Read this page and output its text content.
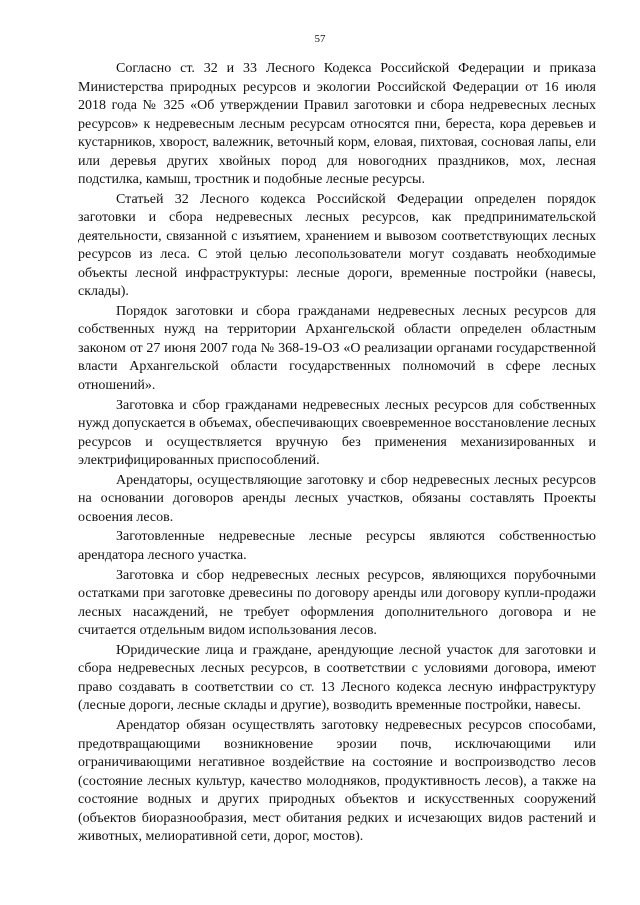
57

Согласно ст. 32 и 33 Лесного Кодекса Российской Федерации и приказа Министерства природных ресурсов и экологии Российской Федерации от 16 июля 2018 года № 325 «Об утверждении Правил заготовки и сбора недревесных лесных ресурсов» к недревесным лесным ресурсам относятся пни, береста, кора деревьев и кустарников, хворост, валежник, веточный корм, еловая, пихтовая, сосновая лапы, ели или деревья других хвойных пород для новогодних праздников, мох, лесная подстилка, камыш, тростник и подобные лесные ресурсы.

Статьей 32 Лесного кодекса Российской Федерации определен порядок заготовки и сбора недревесных лесных ресурсов, как предпринимательской деятельности, связанной с изъятием, хранением и вывозом соответствующих лесных ресурсов из леса. С этой целью лесопользователи могут создавать необходимые объекты лесной инфраструктуры: лесные дороги, временные постройки (навесы, склады).

Порядок заготовки и сбора гражданами недревесных лесных ресурсов для собственных нужд на территории Архангельской области определен областным законом от 27 июня 2007 года № 368-19-ОЗ «О реализации органами государственной власти Архангельской области государственных полномочий в сфере лесных отношений».

Заготовка и сбор гражданами недревесных лесных ресурсов для собственных нужд допускается в объемах, обеспечивающих своевременное восстановление лесных ресурсов и осуществляется вручную без применения механизированных и электрифицированных приспособлений.

Арендаторы, осуществляющие заготовку и сбор недревесных лесных ресурсов на основании договоров аренды лесных участков, обязаны составлять Проекты освоения лесов.

Заготовленные недревесные лесные ресурсы являются собственностью арендатора лесного участка.

Заготовка и сбор недревесных лесных ресурсов, являющихся порубочными остатками при заготовке древесины по договору аренды или договору купли-продажи лесных насаждений, не требует оформления дополнительного договора и не считается отдельным видом использования лесов.

Юридические лица и граждане, арендующие лесной участок для заготовки и сбора недревесных лесных ресурсов, в соответствии с условиями договора, имеют право создавать в соответствии со ст. 13 Лесного кодекса лесную инфраструктуру (лесные дороги, лесные склады и другие), возводить временные постройки, навесы.

Арендатор обязан осуществлять заготовку недревесных ресурсов способами, предотвращающими возникновение эрозии почв, исключающими или ограничивающими негативное воздействие на состояние и воспроизводство лесов (состояние лесных культур, качество молодняков, продуктивность лесов), а также на состояние водных и других природных объектов и искусственных сооружений (объектов биоразнообразия, мест обитания редких и исчезающих видов растений и животных, мелиоративной сети, дорог, мостов).
